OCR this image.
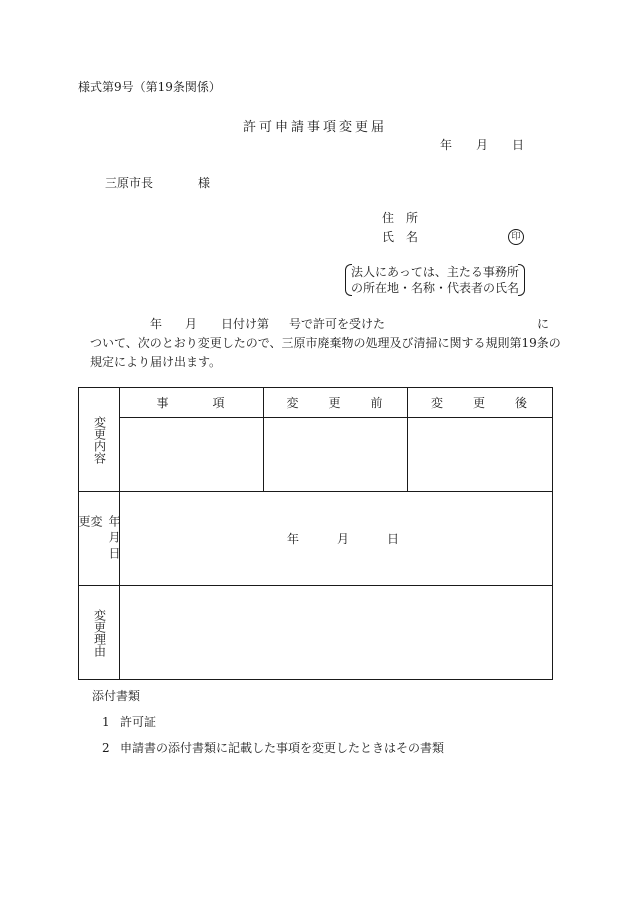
様式第9号（第19条関係）
許可申請事項変更届
年 月 日
三原市長	様
住 所
氏 名	印
法人にあっては、主たる事務所
の所在地・名称・代表者の氏名
年 月 日付け第 号で許可を受けた	に
ついて、次のとおり変更したので、三原市廃棄物の処理及び清掃に関する規則第19条の
規定により届け出ます。
変更内容	事　　　項	変　　更　　前	変　　更　　後

変更 年月日	年 月 日		

変更理由			

添付書類
1 許可証
2 申請書の添付書類に記載した事項を変更したときはその書類
